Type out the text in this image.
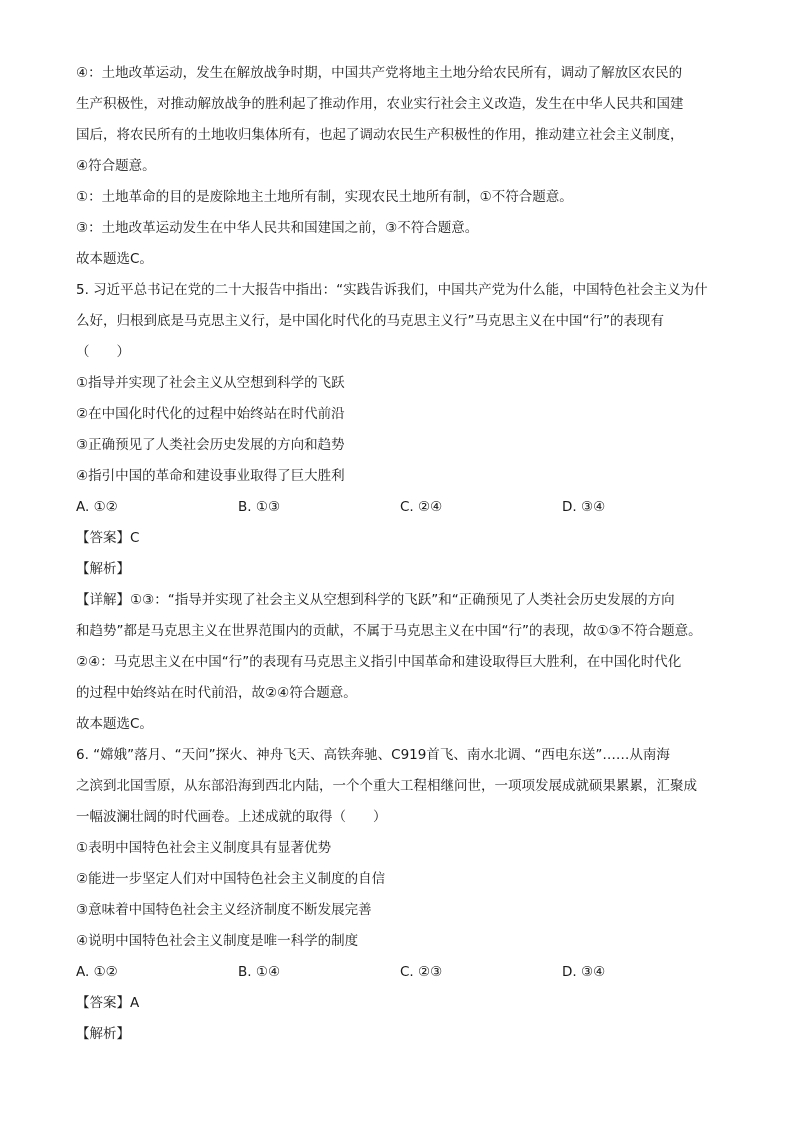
④：土地改革运动，发生在解放战争时期，中国共产党将地主土地分给农民所有，调动了解放区农民的
生产积极性，对推动解放战争的胜利起了推动作用，农业实行社会主义改造，发生在中华人民共和国建
国后，将农民所有的土地收归集体所有，也起了调动农民生产积极性的作用，推动建立社会主义制度，
④符合题意。
①：土地革命的目的是废除地主土地所有制，实现农民土地所有制，①不符合题意。
③：土地改革运动发生在中华人民共和国建国之前，③不符合题意。
故本题选C。
5. 习近平总书记在党的二十大报告中指出：“实践告诉我们，中国共产党为什么能，中国特色社会主义为什
么好，归根到底是马克思主义行，是中国化时代化的马克思主义行”马克思主义在中国“行”的表现有
（　　）
①指导并实现了社会主义从空想到科学的飞跃
②在中国化时代化的过程中始终站在时代前沿
③正确预见了人类社会历史发展的方向和趋势
④指引中国的革命和建设事业取得了巨大胜利
A. ①②	B. ①③	C. ②④	D. ③④
【答案】C
【解析】
【详解】①③：“指导并实现了社会主义从空想到科学的飞跃”和“正确预见了人类社会历史发展的方向
和趋势”都是马克思主义在世界范围内的贡献，不属于马克思主义在中国“行”的表现，故①③不符合题意。
②④：马克思主义在中国“行”的表现有马克思主义指引中国革命和建设取得巨大胜利，在中国化时代化
的过程中始终站在时代前沿，故②④符合题意。
故本题选C。
6. “嫦娥”落月、“天问”探火、神舟飞天、高铁奔驰、C919首飞、南水北调、“西电东送”……从南海
之滨到北国雪原，从东部沿海到西北内陆，一个个重大工程相继问世，一项项发展成就硕果累累，汇聚成
一幅波澜壮阔的时代画卷。上述成就的取得（　　）
①表明中国特色社会主义制度具有显著优势
②能进一步坚定人们对中国特色社会主义制度的自信
③意味着中国特色社会主义经济制度不断发展完善
④说明中国特色社会主义制度是唯一科学的制度
A. ①②	B. ①④	C. ②③	D. ③④
【答案】A
【解析】
